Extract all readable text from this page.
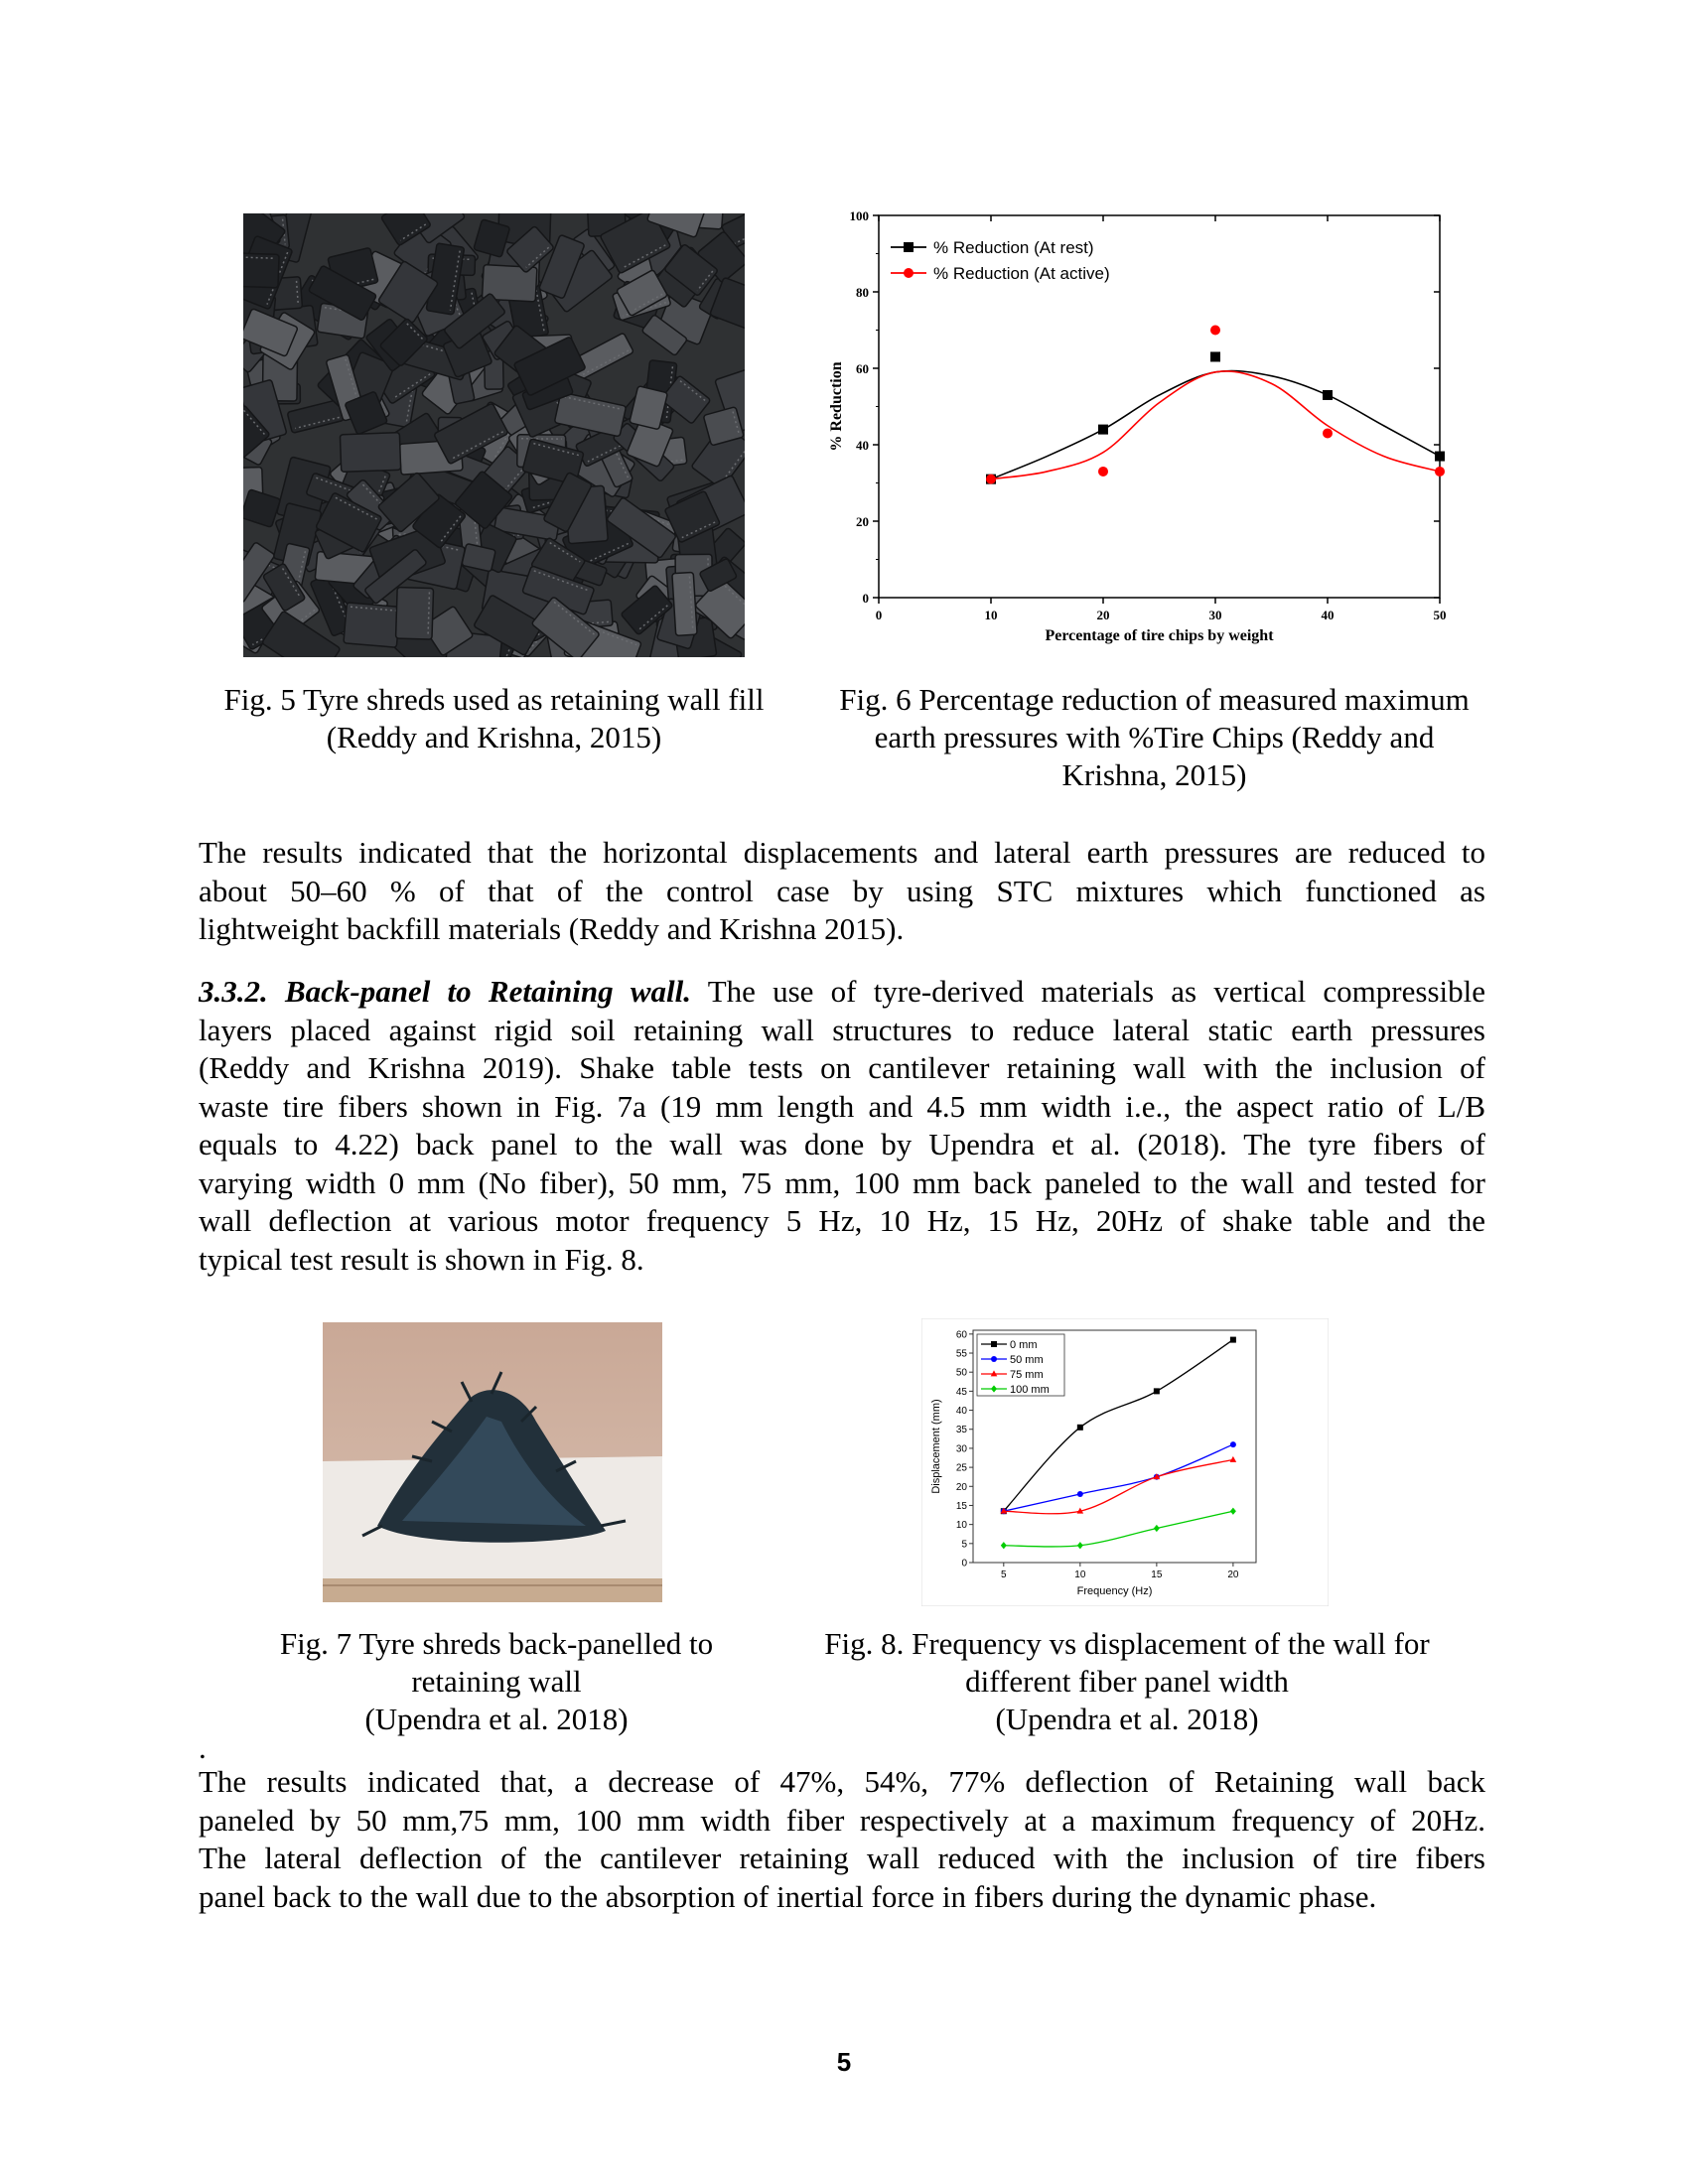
0
20
40
60
80
100
0	10	20	30	40	50
Percentage of tire chips by weight
% Reduction
% Reduction (At rest)
% Reduction (At active)
Fig. 5 Tyre shreds used as retaining wall fill
(Reddy and Krishna, 2015)
Fig. 6 Percentage reduction of measured maximum
earth pressures with %Tire Chips (Reddy and
Krishna, 2015)
The results indicated that the horizontal displacements and lateral earth pressures are reduced to
about 50–60 % of that of the control case by using STC mixtures which functioned as
lightweight backfill materials (Reddy and Krishna 2015).
3.3.2. Back-panel to Retaining wall. The use of tyre-derived materials as vertical compressible
layers placed against rigid soil retaining wall structures to reduce lateral static earth pressures
(Reddy and Krishna 2019). Shake table tests on cantilever retaining wall with the inclusion of
waste tire fibers shown in Fig. 7a (19 mm length and 4.5 mm width i.e., the aspect ratio of L/B
equals to 4.22) back panel to the wall was done by Upendra et al. (2018). The tyre fibers of
varying width 0 mm (No fiber), 50 mm, 75 mm, 100 mm back paneled to the wall and tested for
wall deflection at various motor frequency 5 Hz, 10 Hz, 15 Hz, 20Hz of shake table and the
typical test result is shown in Fig. 8.
0
5
10
15
20
25
30
35
40
45
50
55
60
5	10	15	20
Frequency (Hz)
Displacement (mm)
0 mm
50 mm
75 mm
100 mm
Fig. 7 Tyre shreds back-panelled to
retaining wall
(Upendra et al. 2018)
Fig. 8. Frequency vs displacement of the wall for
different fiber panel width
(Upendra et al. 2018)
.
The results indicated that, a decrease of 47%, 54%, 77% deflection of Retaining wall back
paneled by 50 mm,75 mm, 100 mm width fiber respectively at a maximum frequency of 20Hz.
The lateral deflection of the cantilever retaining wall reduced with the inclusion of tire fibers
panel back to the wall due to the absorption of inertial force in fibers during the dynamic phase.
5
